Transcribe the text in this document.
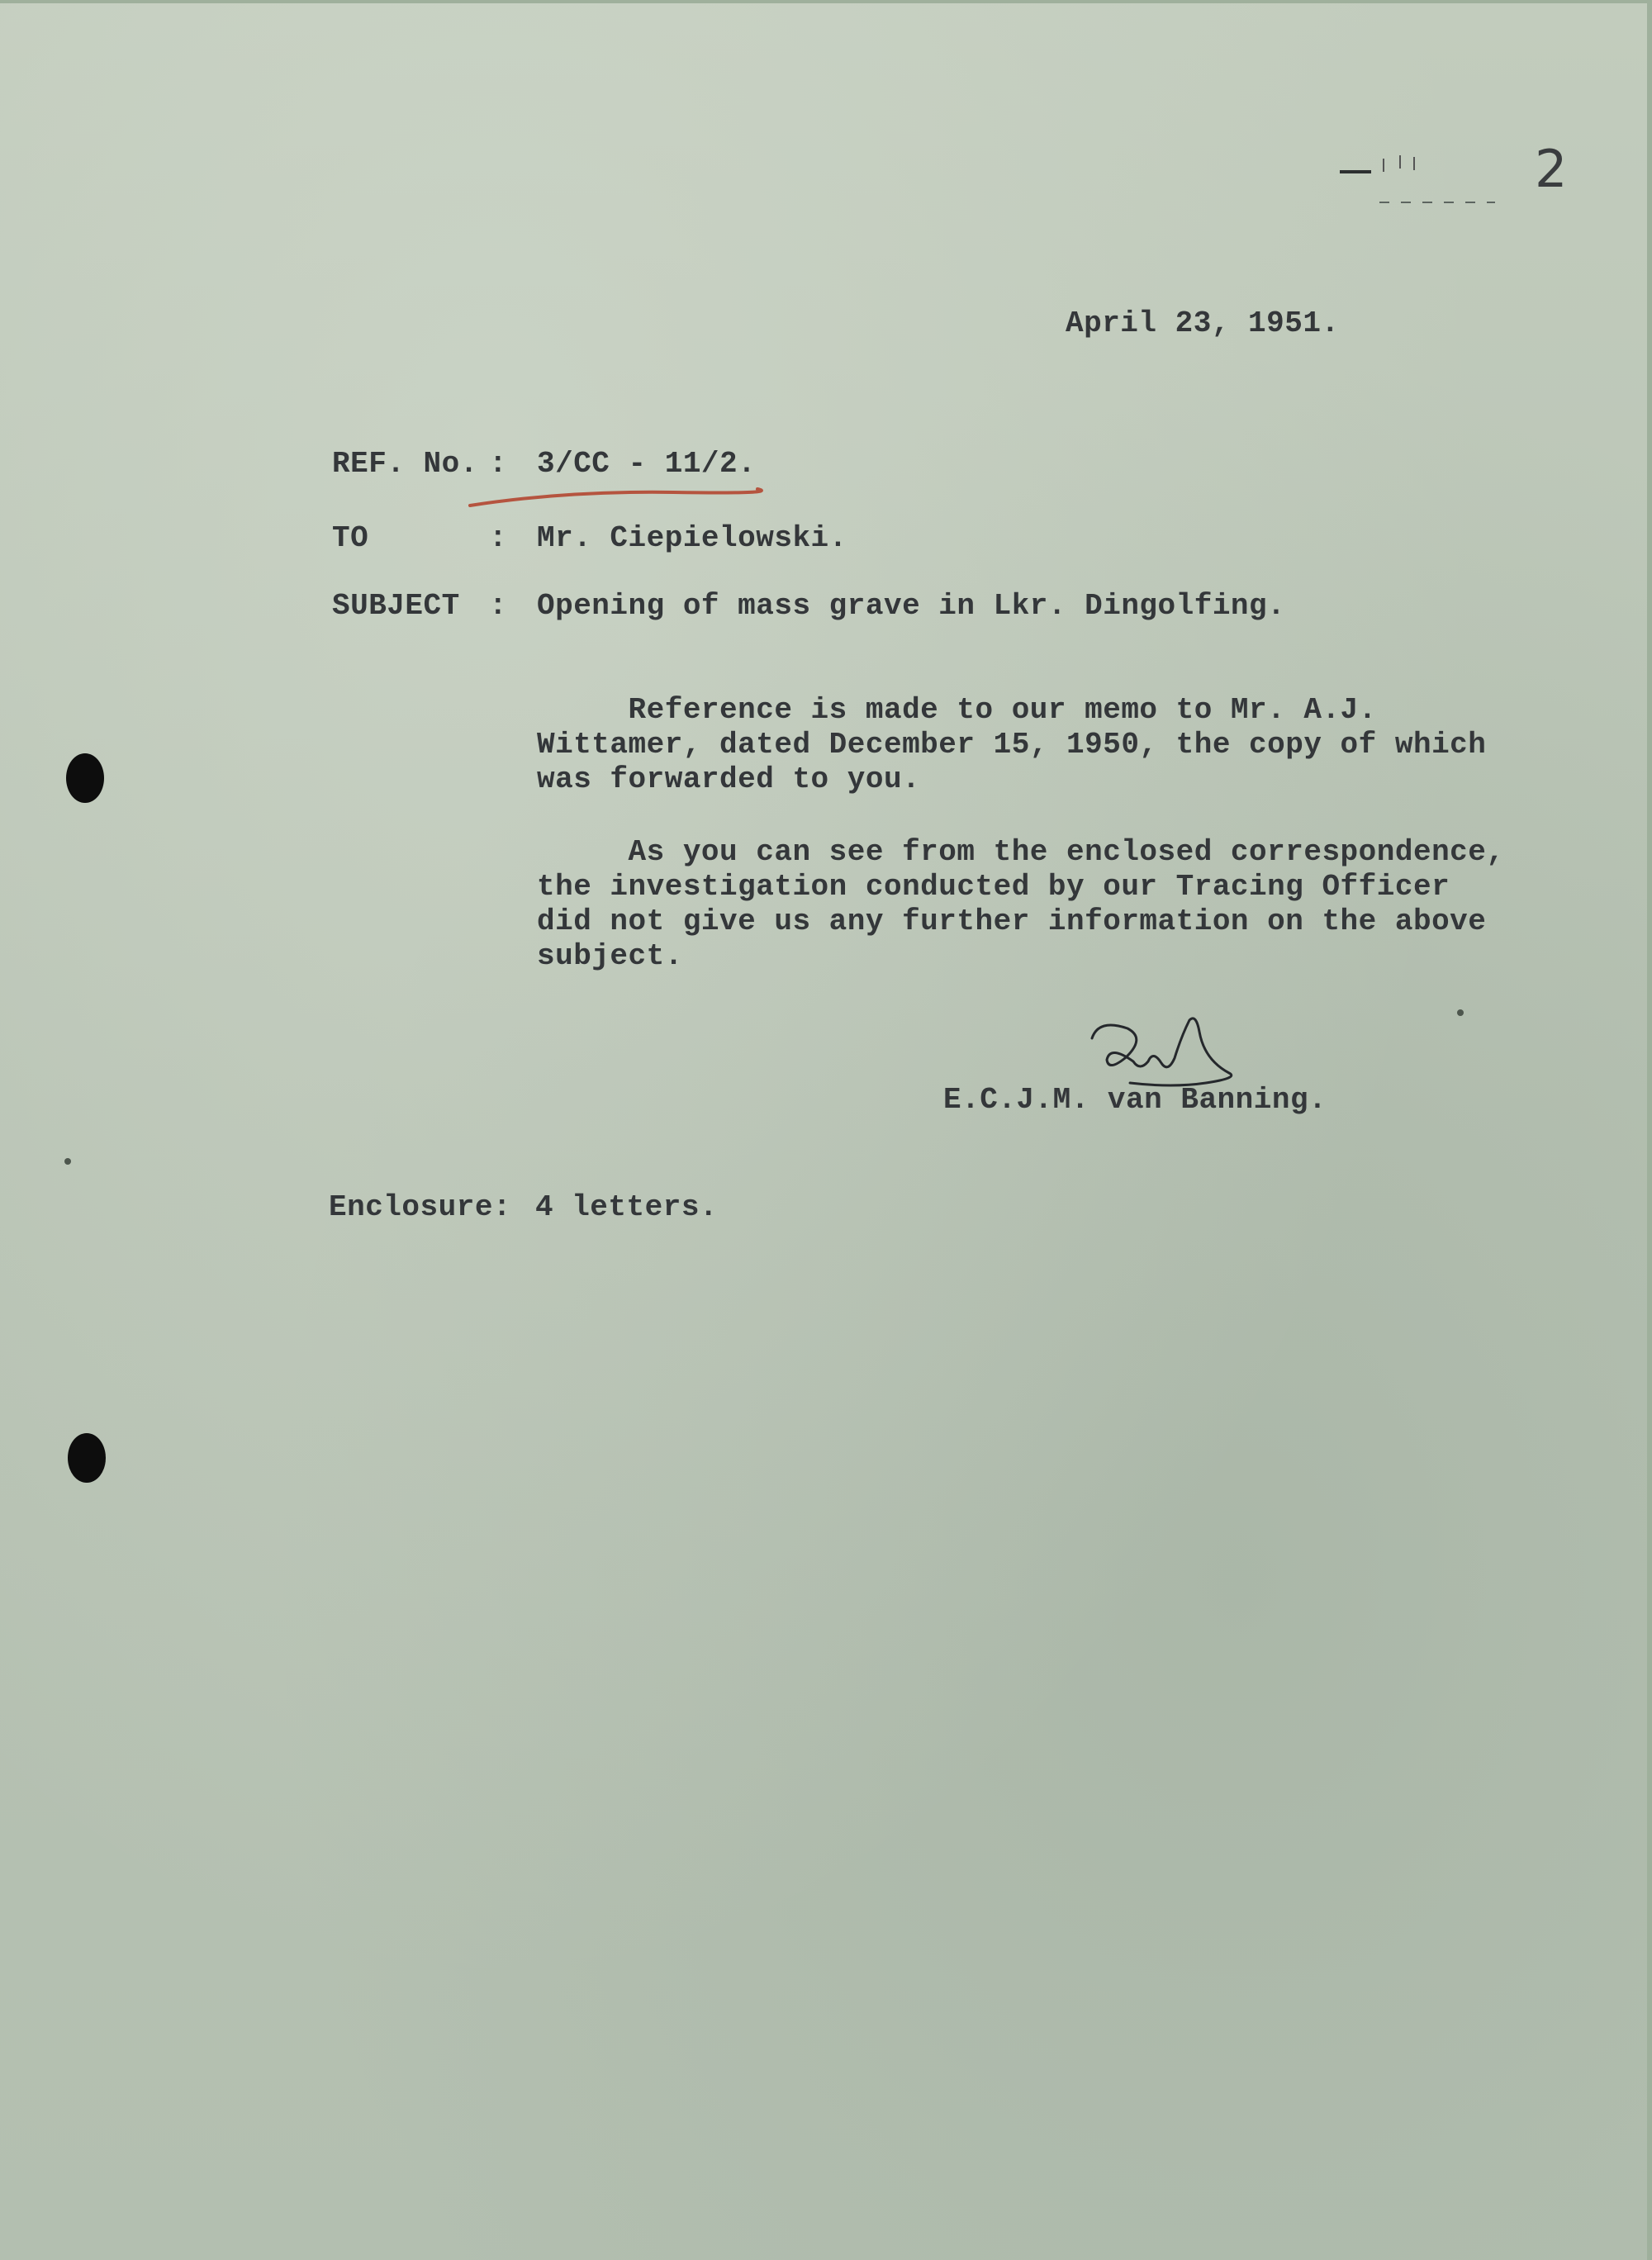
2
April 23, 1951.
REF. No. : 3/CC - 11/2.
TO	: Mr. Ciepielowski.
SUBJECT : Opening of mass grave in Lkr. Dingolfing.
Reference is made to our memo to Mr. A.J.
Wittamer, dated December 15, 1950, the copy of which
was forwarded to you.
As you can see from the enclosed correspondence,
the investigation conducted by our Tracing Officer
did not give us any further information on the above
subject.
E.C.J.M. van Banning.
Enclosure: 4 letters.
